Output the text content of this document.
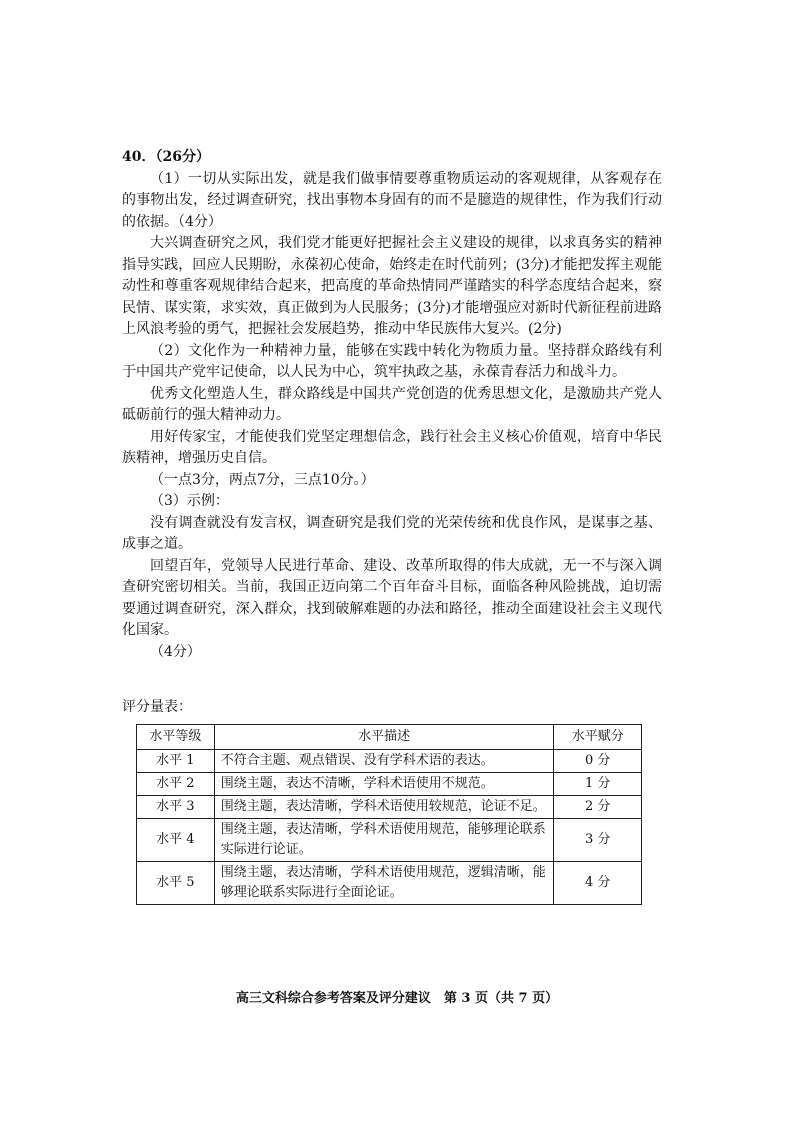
40．（26分）

（1）一切从实际出发，就是我们做事情要尊重物质运动的客观规律，从客观存在的事物出发，经过调查研究，找出事物本身固有的而不是臆造的规律性，作为我们行动的依据。（4分）

大兴调查研究之风，我们党才能更好把握社会主义建设的规律，以求真务实的精神指导实践，回应人民期盼，永葆初心使命，始终走在时代前列；(3分)才能把发挥主观能动性和尊重客观规律结合起来，把高度的革命热情同严谨踏实的科学态度结合起来，察民情、谋实策，求实效，真正做到为人民服务；(3分)才能增强应对新时代新征程前进路上风浪考验的勇气，把握社会发展趋势，推动中华民族伟大复兴。(2分)

（2）文化作为一种精神力量，能够在实践中转化为物质力量。坚持群众路线有利于中国共产党牢记使命，以人民为中心，筑牢执政之基，永葆青春活力和战斗力。

优秀文化塑造人生，群众路线是中国共产党创造的优秀思想文化，是激励共产党人砥砺前行的强大精神动力。

用好传家宝，才能使我们党坚定理想信念，践行社会主义核心价值观，培育中华民族精神，增强历史自信。

（一点3分，两点7分，三点10分。）

（3）示例：

没有调查就没有发言权，调查研究是我们党的光荣传统和优良作风，是谋事之基、成事之道。

回望百年，党领导人民进行革命、建设、改革所取得的伟大成就，无一不与深入调查研究密切相关。当前，我国正迈向第二个百年奋斗目标，面临各种风险挑战，迫切需要通过调查研究，深入群众，找到破解难题的办法和路径，推动全面建设社会主义现代化国家。

（4分）

评分量表：
水平等级	水平描述	水平赋分
水平 1	不符合主题、观点错误、没有学科术语的表达。	0 分
水平 2	围绕主题，表达不清晰，学科术语使用不规范。	1 分
水平 3	围绕主题，表达清晰，学科术语使用较规范，论证不足。	2 分
水平 4	围绕主题，表达清晰，学科术语使用规范，能够理论联系实际进行论证。	3 分
水平 5	围绕主题，表达清晰，学科术语使用规范，逻辑清晰，能够理论联系实际进行全面论证。	4 分
高三文科综合参考答案及评分建议　第 3 页（共 7 页）
